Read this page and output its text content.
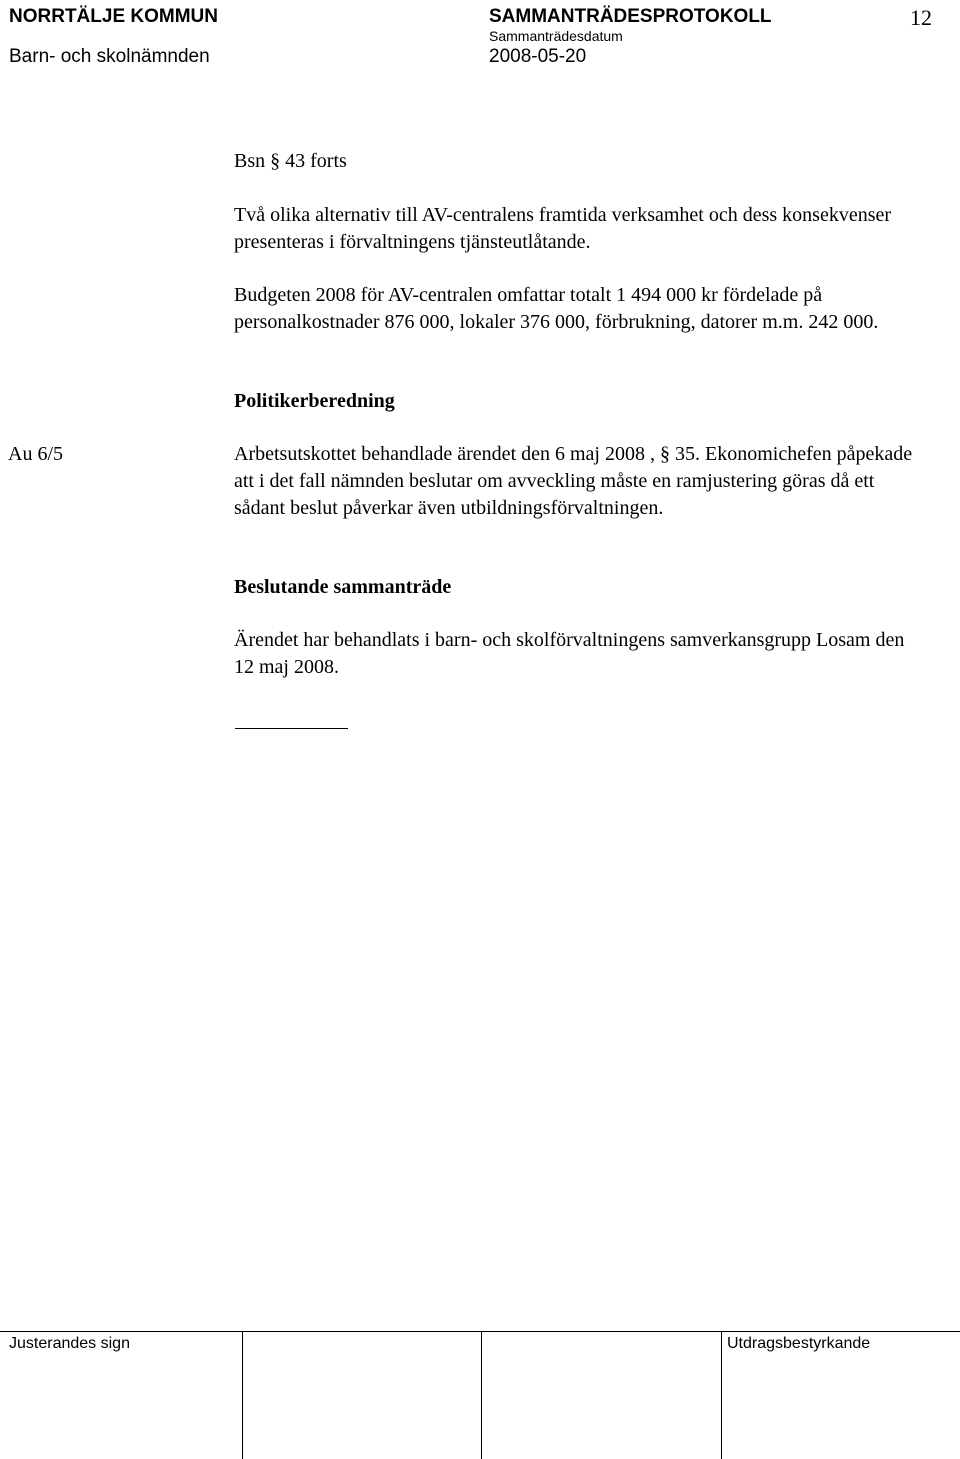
NORRTÄLJE KOMMUN
Barn- och skolnämnden
SAMMANTRÄDESPROTOKOLL
Sammanträdesdatum
2008-05-20
12
Bsn § 43 forts
Två olika alternativ till AV-centralens framtida verksamhet och dess konsekvenser presenteras i förvaltningens tjänsteutlåtande.
Budgeten 2008 för AV-centralen omfattar totalt 1 494 000 kr fördelade på personalkostnader 876 000, lokaler 376 000, förbrukning, datorer m.m. 242 000.
Politikerberedning
Au 6/5	Arbetsutskottet behandlade ärendet den 6 maj 2008 , § 35. Ekonomichefen påpekade att i det fall nämnden beslutar om avveckling måste en ramjustering göras då ett sådant beslut påverkar även utbildningsförvaltningen.
Beslutande sammanträde
Ärendet har behandlats i barn- och skolförvaltningens samverkansgrupp Losam den 12 maj 2008.
Justerandes sign	Utdragsbestyrkande
